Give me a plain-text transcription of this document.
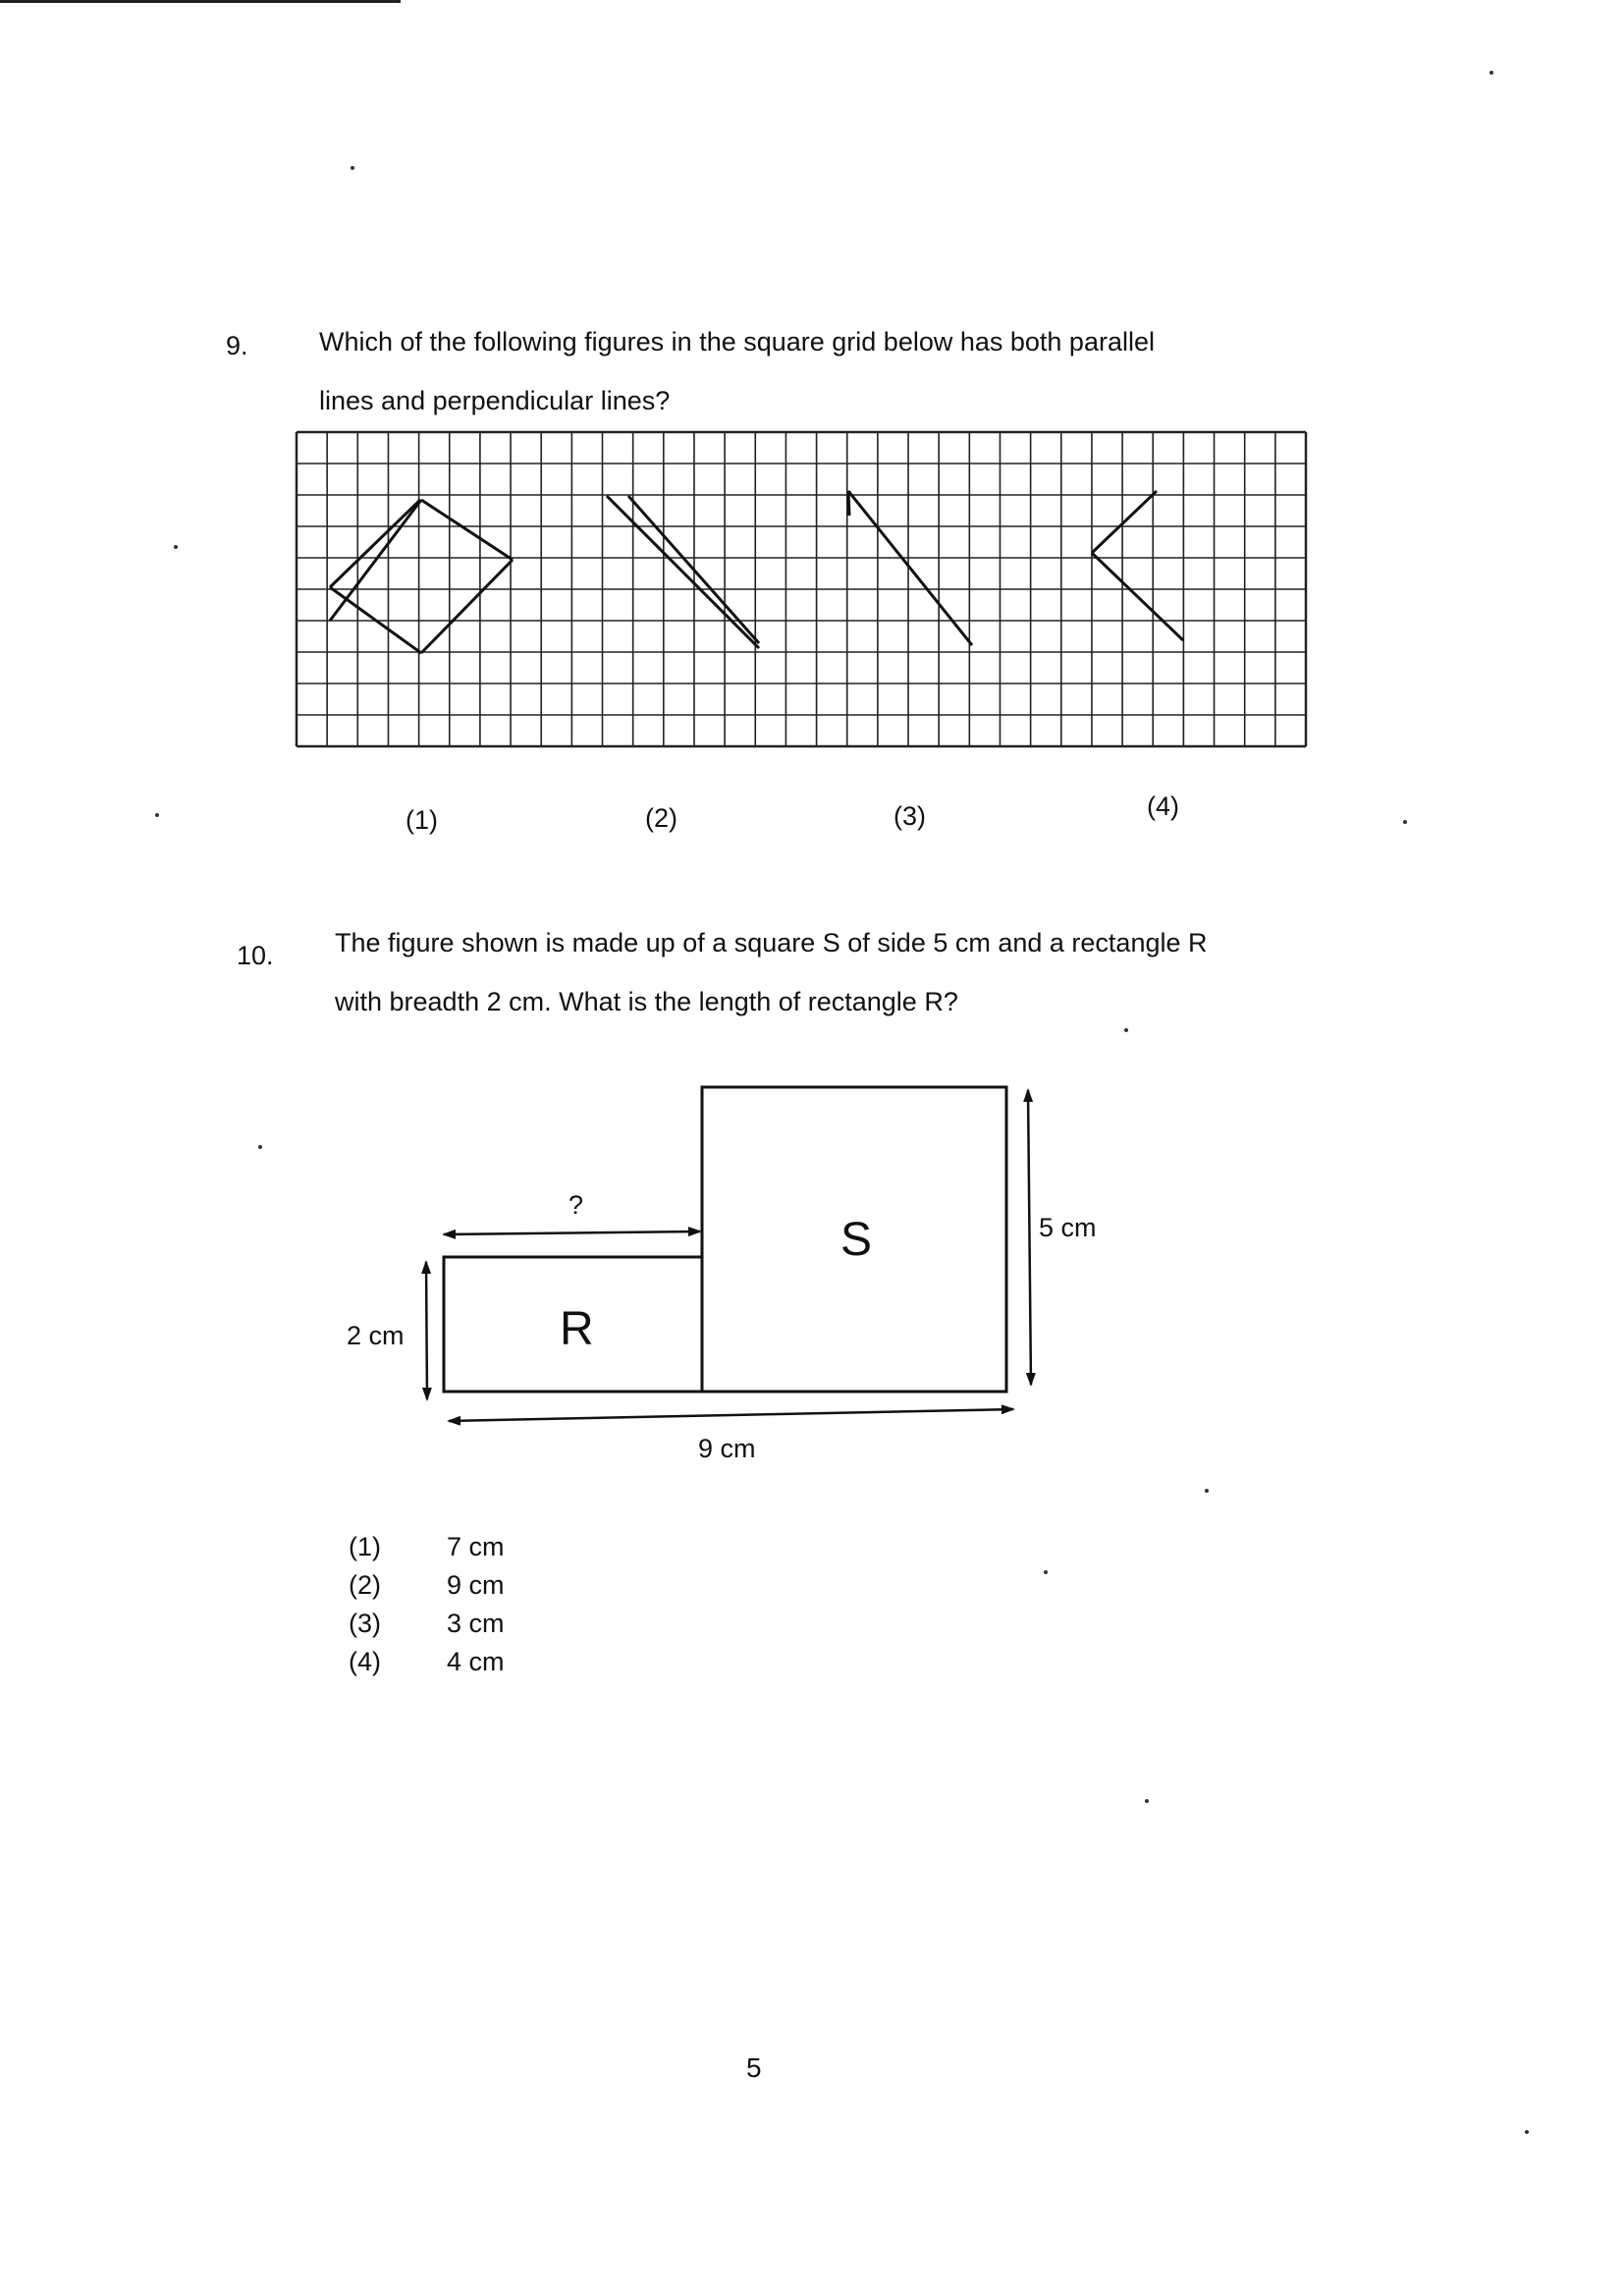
9.	Which of the following figures in the square grid below has both parallel
lines and perpendicular lines?
(1)	(2)	(3)	(4)
10. The figure shown is made up of a square S of side 5 cm and a rectangle R
with breadth 2 cm. What is the length of rectangle R?
?
S
R
5 cm
2 cm
9 cm
(1) 7 cm
(2) 9 cm
(3) 3 cm
(4) 4 cm
5
